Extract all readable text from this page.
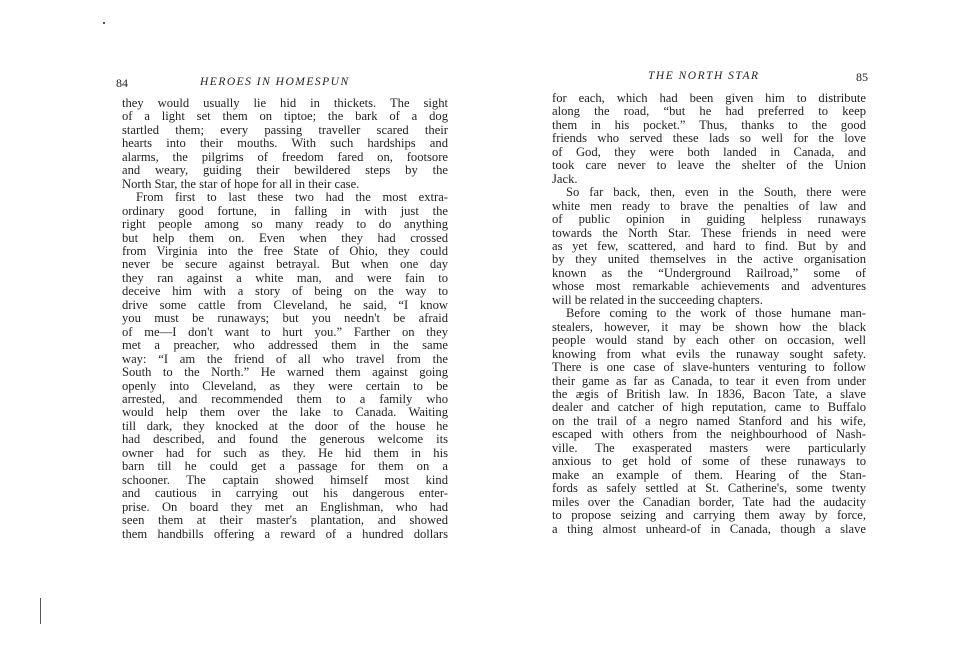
84	HEROES IN HOMESPUN
they would usually lie hid in thickets. The sight
of a light set them on tiptoe; the bark of a dog
startled them; every passing traveller scared their
hearts into their mouths. With such hardships and
alarms, the pilgrims of freedom fared on, footsore
and weary, guiding their bewildered steps by the
North Star, the star of hope for all in their case.
From first to last these two had the most extra-
ordinary good fortune, in falling in with just the
right people among so many ready to do anything
but help them on. Even when they had crossed
from Virginia into the free State of Ohio, they could
never be secure against betrayal. But when one day
they ran against a white man, and were fain to
deceive him with a story of being on the way to
drive some cattle from Cleveland, he said, “I know
you must be runaways; but you needn't be afraid
of me—I don't want to hurt you.” Farther on they
met a preacher, who addressed them in the same
way: “I am the friend of all who travel from the
South to the North.” He warned them against going
openly into Cleveland, as they were certain to be
arrested, and recommended them to a family who
would help them over the lake to Canada. Waiting
till dark, they knocked at the door of the house he
had described, and found the generous welcome its
owner had for such as they. He hid them in his
barn till he could get a passage for them on a
schooner. The captain showed himself most kind
and cautious in carrying out his dangerous enter-
prise. On board they met an Englishman, who had
seen them at their master's plantation, and showed
them handbills offering a reward of a hundred dollars
THE NORTH STAR	85
for each, which had been given him to distribute
along the road, “but he had preferred to keep
them in his pocket.” Thus, thanks to the good
friends who served these lads so well for the love
of God, they were both landed in Canada, and
took care never to leave the shelter of the Union
Jack.
So far back, then, even in the South, there were
white men ready to brave the penalties of law and
of public opinion in guiding helpless runaways
towards the North Star. These friends in need were
as yet few, scattered, and hard to find. But by and
by they united themselves in the active organisation
known as the “Underground Railroad,” some of
whose most remarkable achievements and adventures
will be related in the succeeding chapters.
Before coming to the work of those humane man-
stealers, however, it may be shown how the black
people would stand by each other on occasion, well
knowing from what evils the runaway sought safety.
There is one case of slave-hunters venturing to follow
their game as far as Canada, to tear it even from under
the ægis of British law. In 1836, Bacon Tate, a slave
dealer and catcher of high reputation, came to Buffalo
on the trail of a negro named Stanford and his wife,
escaped with others from the neighbourhood of Nash-
ville. The exasperated masters were particularly
anxious to get hold of some of these runaways to
make an example of them. Hearing of the Stan-
fords as safely settled at St. Catherine's, some twenty
miles over the Canadian border, Tate had the audacity
to propose seizing and carrying them away by force,
a thing almost unheard-of in Canada, though a slave
